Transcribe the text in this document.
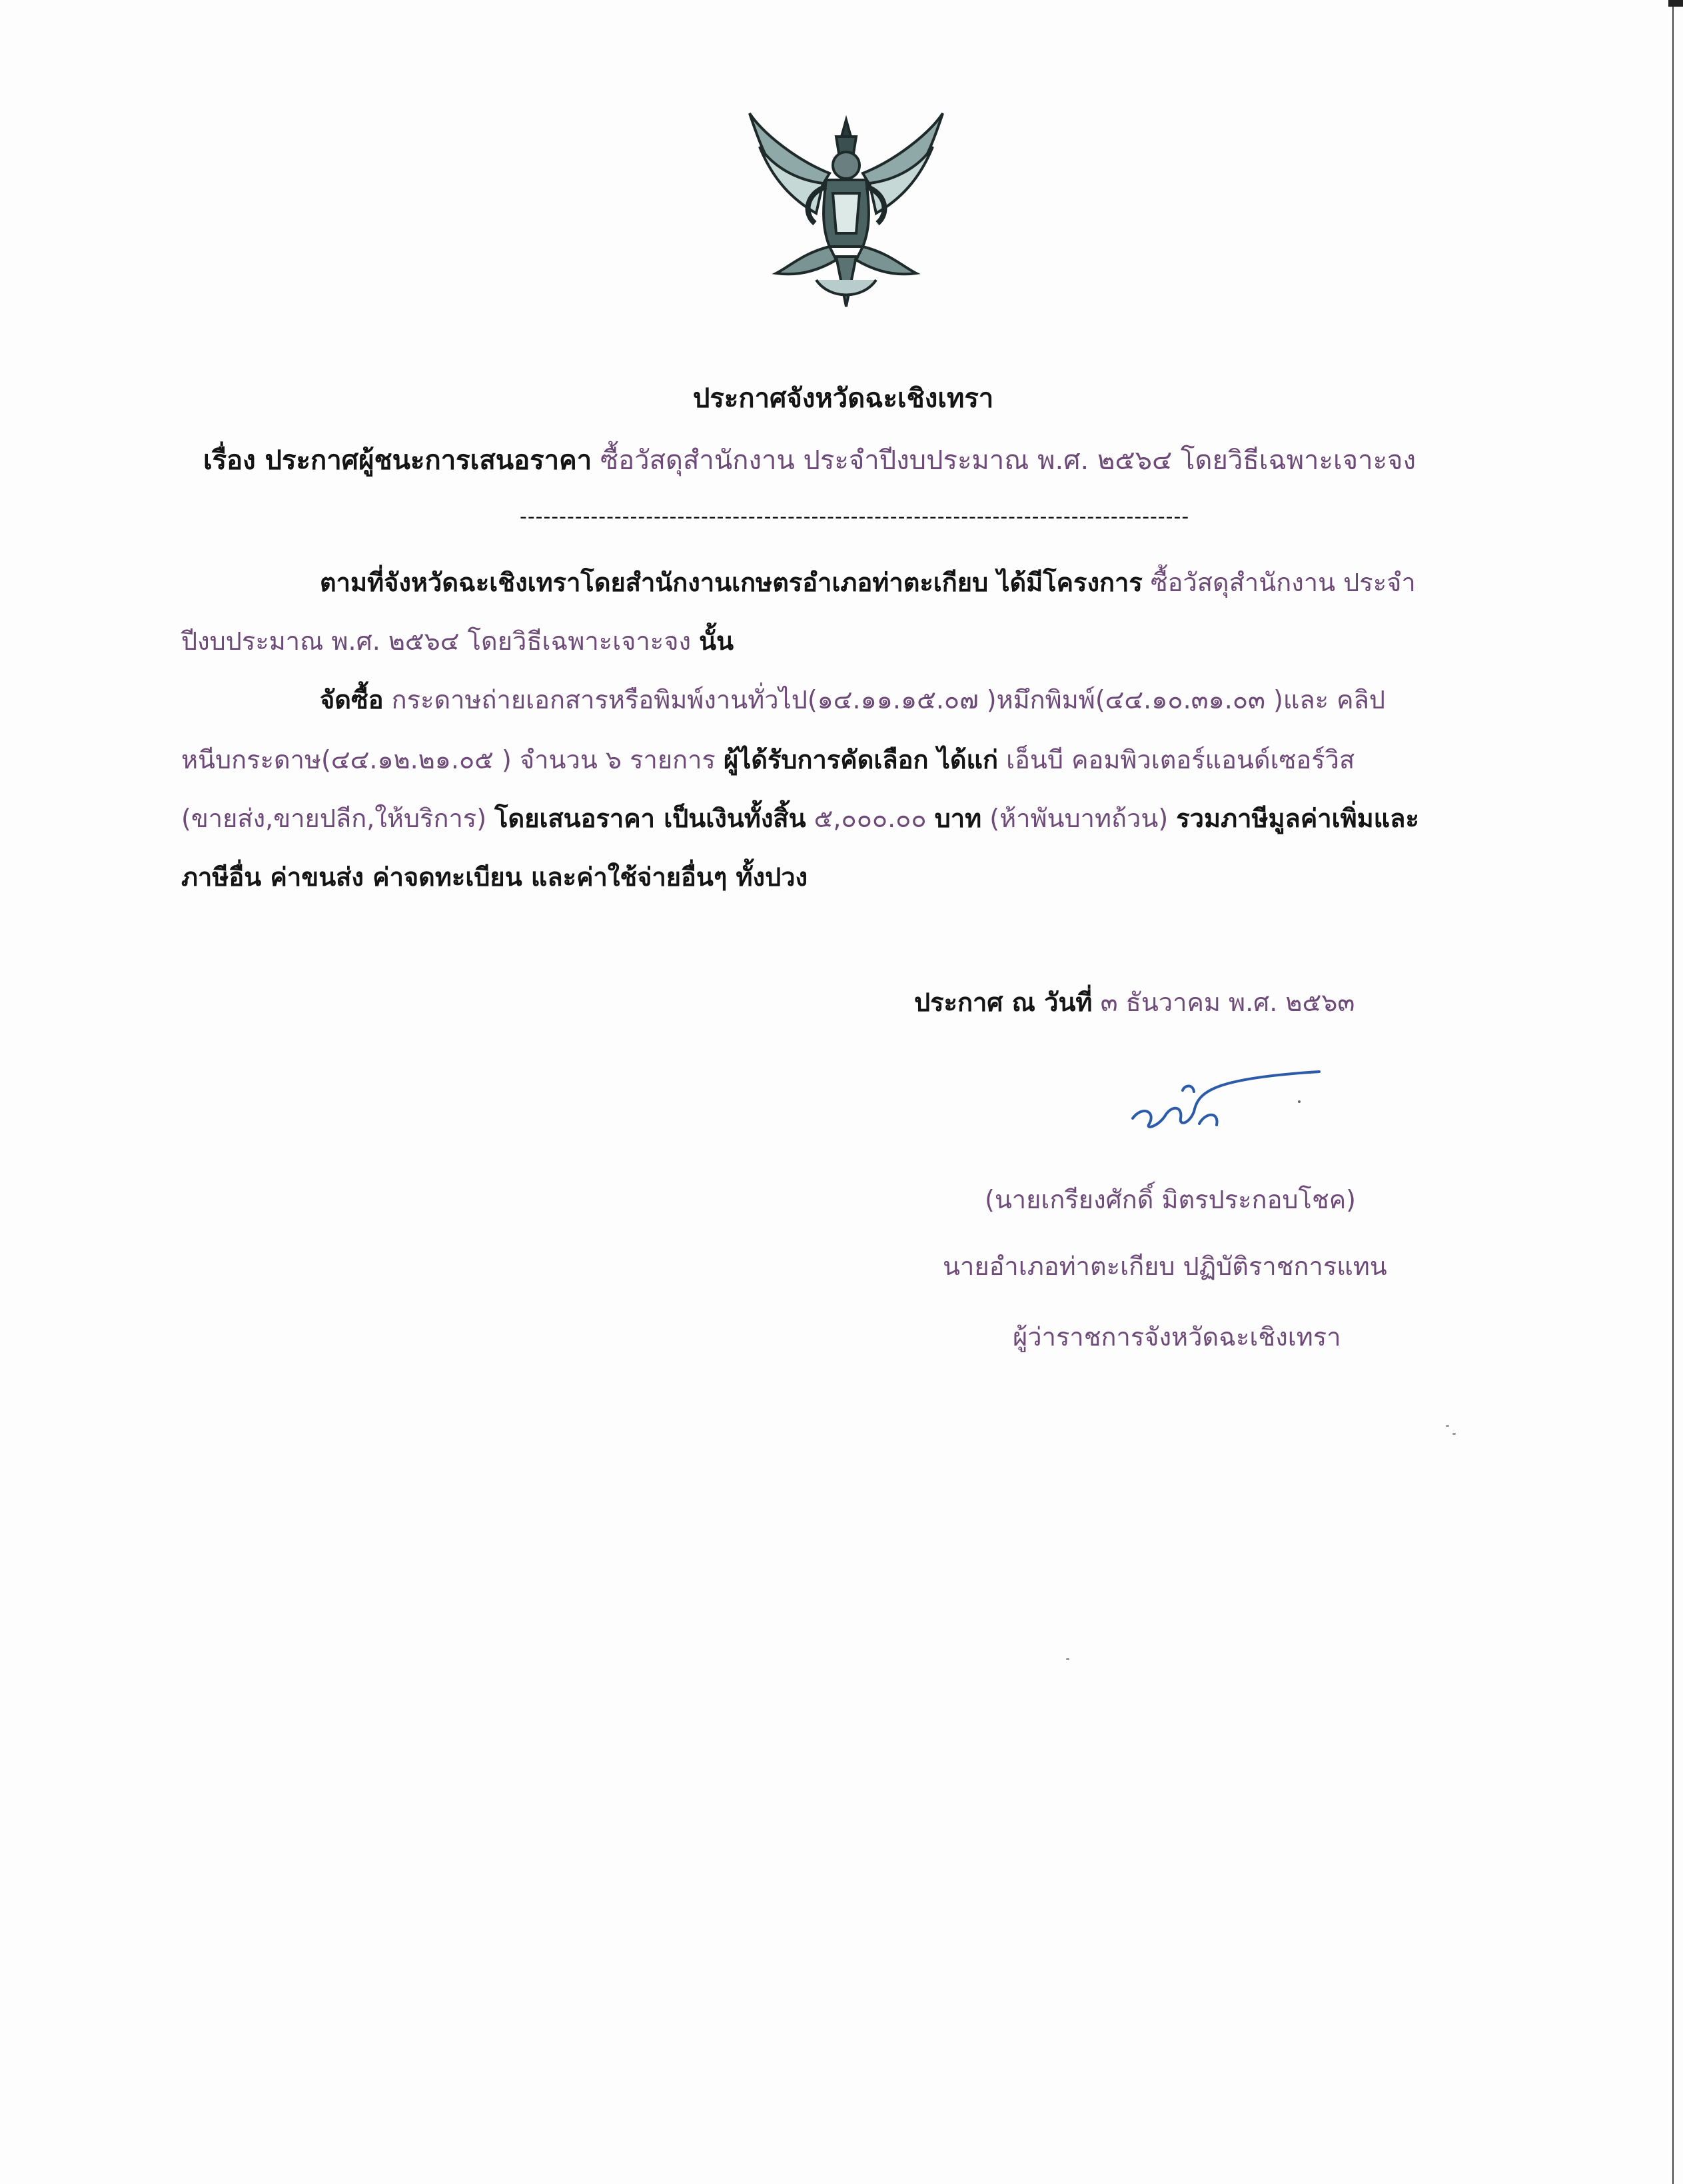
ประกาศจังหวัดฉะเชิงเทรา
เรื่อง ประกาศผู้ชนะการเสนอราคา ซื้อวัสดุสำนักงาน ประจำปีงบประมาณ พ.ศ. ๒๕๖๔ โดยวิธีเฉพาะเจาะจง
-------------------------------------------------------------------------------------
ตามที่จังหวัดฉะเชิงเทราโดยสำนักงานเกษตรอำเภอท่าตะเกียบ ได้มีโครงการ ซื้อวัสดุสำนักงาน ประจำ
ปีงบประมาณ พ.ศ. ๒๕๖๔ โดยวิธีเฉพาะเจาะจง นั้น
จัดซื้อ กระดาษถ่ายเอกสารหรือพิมพ์งานทั่วไป(๑๔.๑๑.๑๕.๐๗ )หมึกพิมพ์(๔๔.๑๐.๓๑.๐๓ )และ คลิป
หนีบกระดาษ(๔๔.๑๒.๒๑.๐๕ ) จำนวน ๖ รายการ ผู้ได้รับการคัดเลือก ได้แก่ เอ็นบี คอมพิวเตอร์แอนด์เซอร์วิส
(ขายส่ง,ขายปลีก,ให้บริการ) โดยเสนอราคา เป็นเงินทั้งสิ้น ๕,๐๐๐.๐๐ บาท (ห้าพันบาทถ้วน) รวมภาษีมูลค่าเพิ่มและ
ภาษีอื่น ค่าขนส่ง ค่าจดทะเบียน และค่าใช้จ่ายอื่นๆ ทั้งปวง
ประกาศ ณ วันที่ ๓ ธันวาคม พ.ศ. ๒๕๖๓
(นายเกรียงศักดิ์ มิตรประกอบโชค)
นายอำเภอท่าตะเกียบ ปฏิบัติราชการแทน
ผู้ว่าราชการจังหวัดฉะเชิงเทรา
